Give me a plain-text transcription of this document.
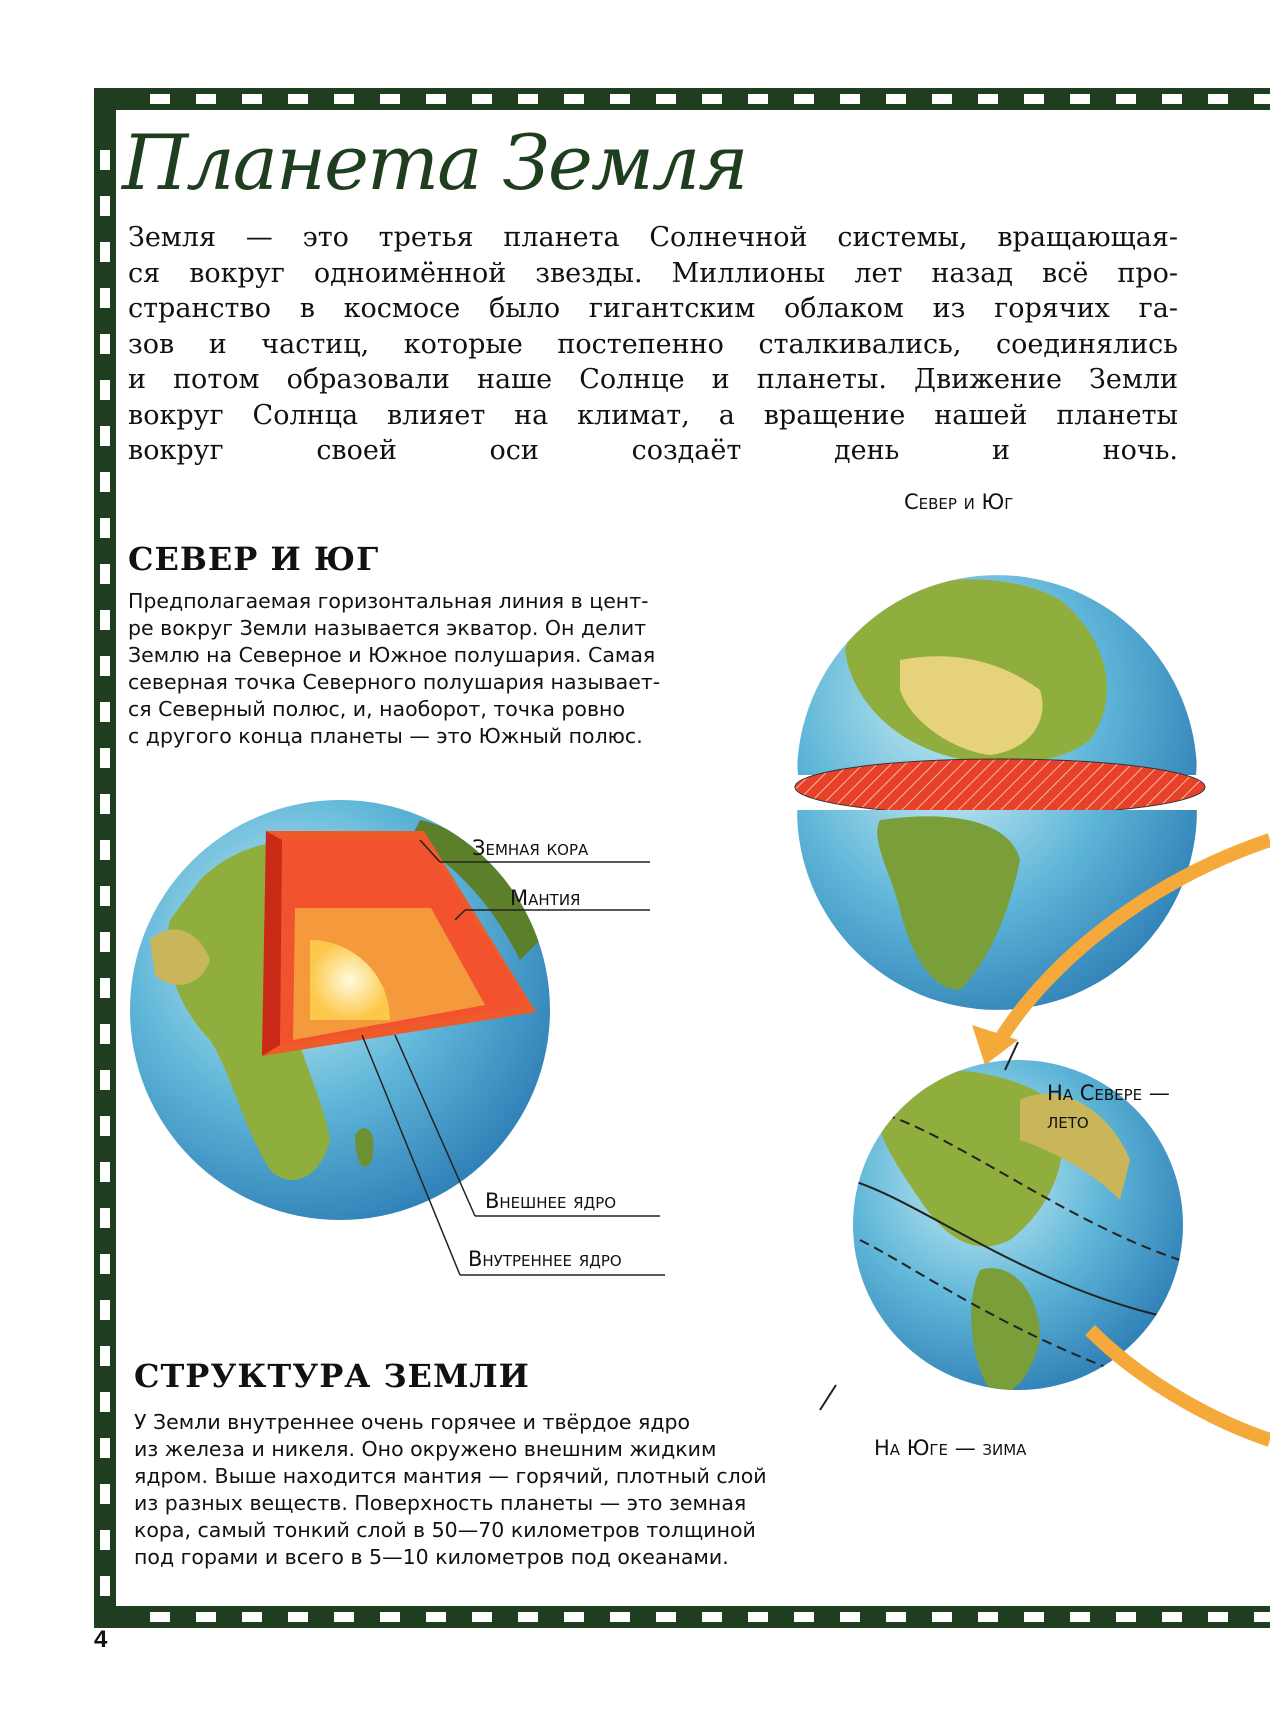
Планета Земля

Земля — это третья планета Солнечной системы, вращающая-
ся вокруг одноимённой звезды. Миллионы лет назад всё про-
странство в космосе было гигантским облаком из горячих га-
зов и частиц, которые постепенно сталкивались, соединялись
и потом образовали наше Солнце и планеты. Движение Земли
вокруг Солнца влияет на климат, а вращение нашей планеты
вокруг своей оси создаёт день и ночь.

СЕВЕР И ЮГ

Предполагаемая горизонтальная линия в цент-
ре вокруг Земли называется экватор. Он делит
Землю на Северное и Южное полушария. Самая
северная точка Северного полушария называет-
ся Северный полюс, и, наоборот, точка ровно
с другого конца планеты — это Южный полюс.

СТРУКТУРА ЗЕМЛИ

У Земли внутреннее очень горячее и твёрдое ядро
из железа и никеля. Оно окружено внешним жидким
ядром. Выше находится мантия — горячий, плотный слой
из разных веществ. Поверхность планеты — это земная
кора, самый тонкий слой в 50—70 километров толщиной
под горами и всего в 5—10 километров под океанами.

Земная кора
Мантия
Внешнее ядро
Внутреннее ядро
Север и Юг
На Севере —
лето
На Юге — зима
4
